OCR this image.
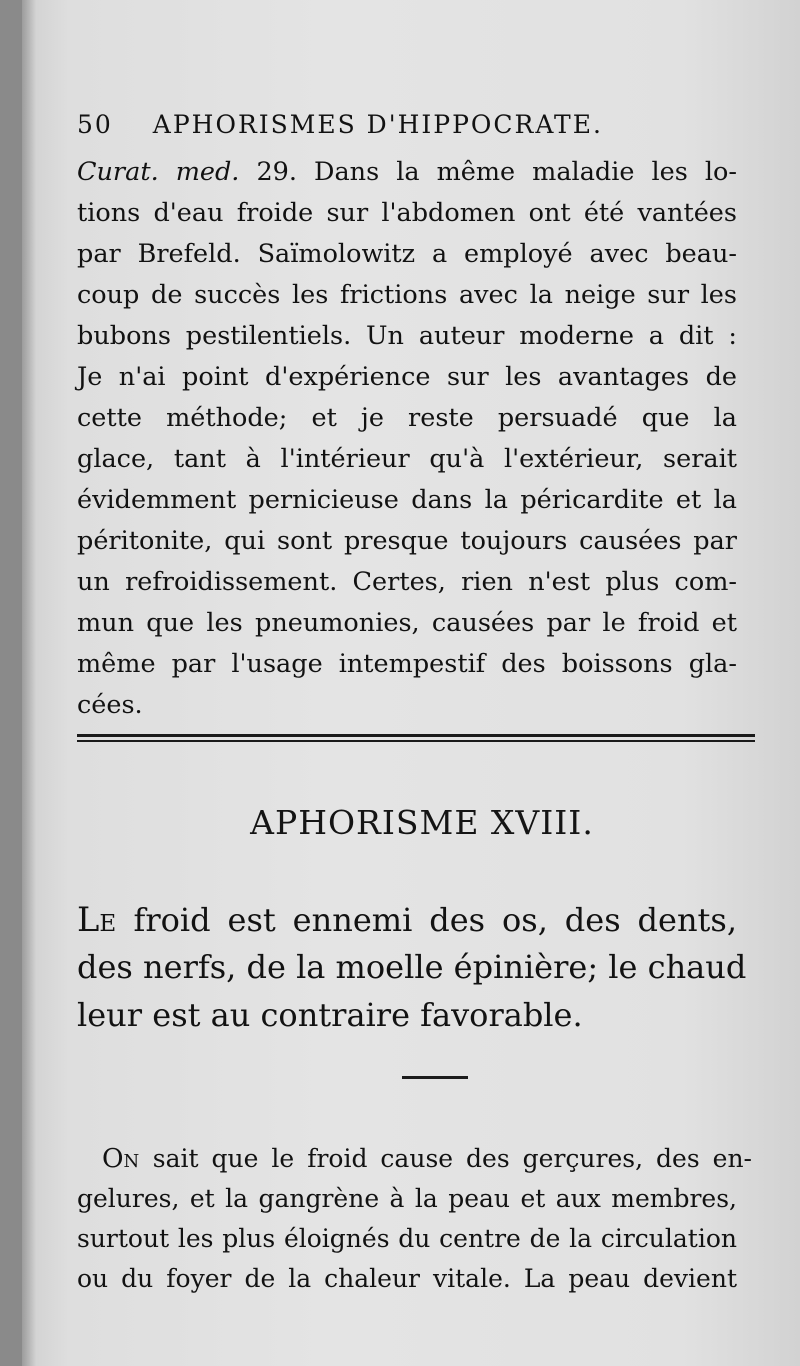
50 APHORISMES D'HIPPOCRATE.
Curat. med. 29. Dans la même maladie les lo-
tions d'eau froide sur l'abdomen ont été vantées
par Brefeld. Saïmolowitz a employé avec beau-
coup de succès les frictions avec la neige sur les
bubons pestilentiels. Un auteur moderne a dit :
Je n'ai point d'expérience sur les avantages de
cette méthode; et je reste persuadé que la
glace, tant à l'intérieur qu'à l'extérieur, serait
évidemment pernicieuse dans la péricardite et la
péritonite, qui sont presque toujours causées par
un refroidissement. Certes, rien n'est plus com-
mun que les pneumonies, causées par le froid et
même par l'usage intempestif des boissons gla-
cées.
APHORISME XVIII.
LE froid est ennemi des os, des dents,
des nerfs, de la moelle épinière; le chaud
leur est au contraire favorable.
ON sait que le froid cause des gerçures, des en-
gelures, et la gangrène à la peau et aux membres,
surtout les plus éloignés du centre de la circulation
ou du foyer de la chaleur vitale. La peau devient
